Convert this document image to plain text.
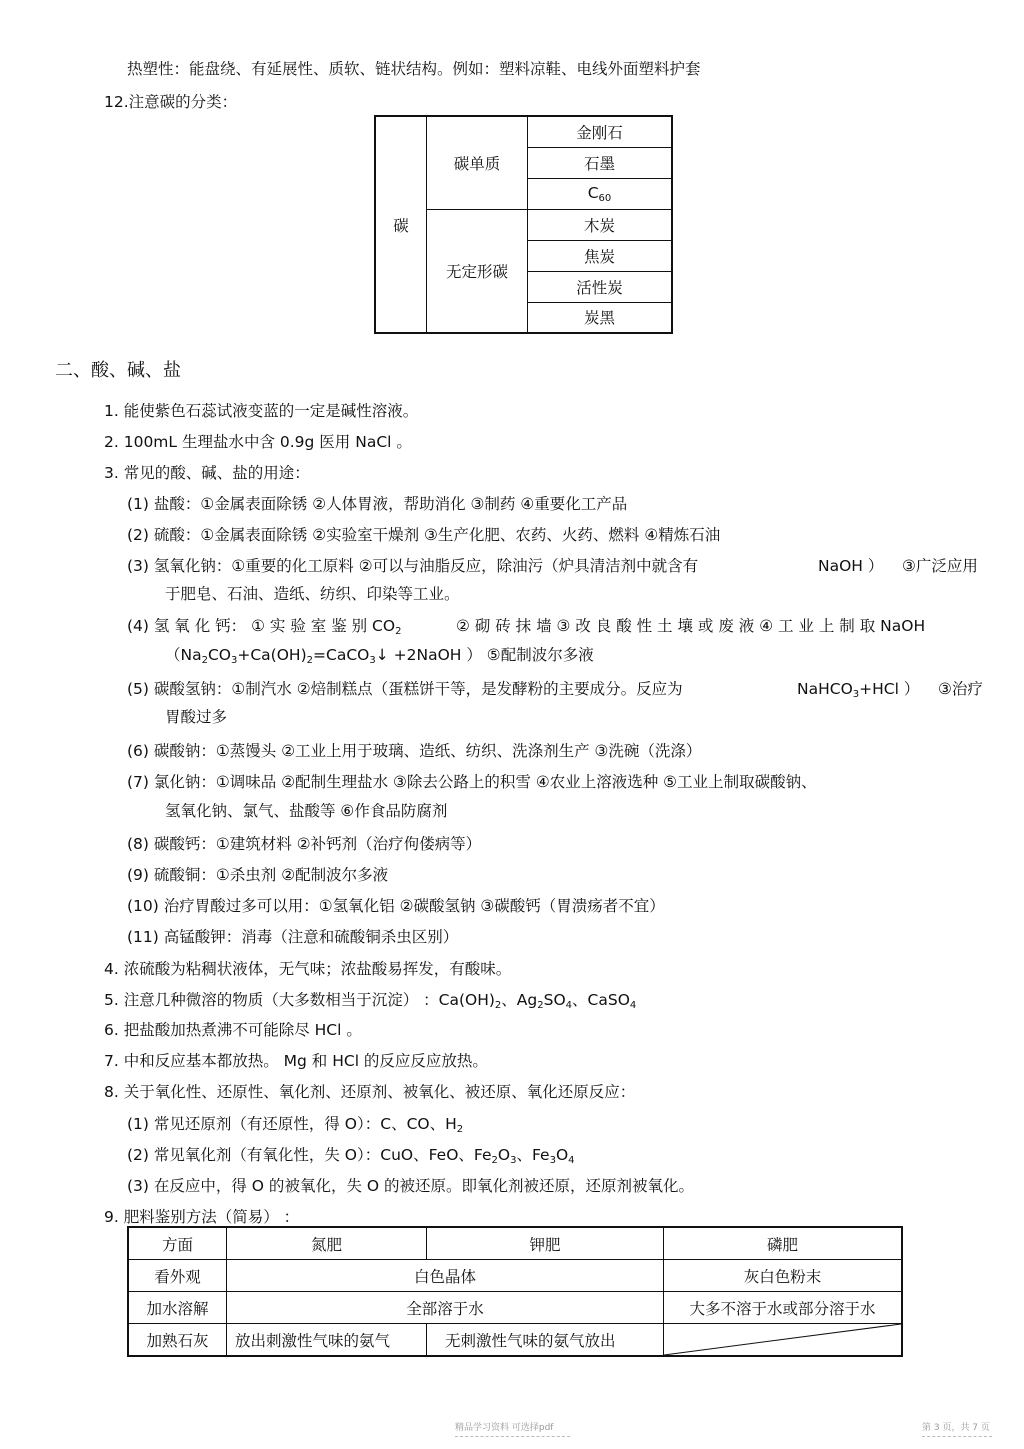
热塑性：能盘绕、有延展性、质软、链状结构。例如：塑料凉鞋、电线外面塑料护套
12.注意碳的分类：
碳	碳单质	金刚石
		石墨
		$C_{60}$
	无定形碳	木炭
		焦炭
		活性炭
		炭黑
二、酸、碱、盐
1. 能使紫色石蕊试液变蓝的一定是碱性溶液。
2. 100mL 生理盐水中含 0.9g 医用 NaCl 。
3. 常见的酸、碱、盐的用途：
(1) 盐酸：①金属表面除锈 ②人体胃液，帮助消化 ③制药 ④重要化工产品
(2) 硫酸：①金属表面除锈 ②实验室干燥剂 ③生产化肥、农药、火药、燃料 ④精炼石油
(3) 氢氧化钠：①重要的化工原料 ②可以与油脂反应，除油污（炉具清洁剂中就含有	NaOH ） ③广泛应用
于肥皂、石油、造纸、纺织、印染等工业。
(4) 氢 氧 化 钙： ① 实 验 室 鉴 别 $CO_2$	② 砌 砖 抹 墙 ③ 改 良 酸 性 土 壤 或 废 液 ④ 工 业 上 制 取 NaOH
（$Na_2CO_3+Ca(OH)_2=CaCO_3↓$ +2NaOH ） ⑤配制波尔多液
(5) 碳酸氢钠：①制汽水 ②焙制糕点（蛋糕饼干等，是发酵粉的主要成分。反应为	NaHCO$_3$+HCl ） ③治疗
胃酸过多
(6) 碳酸钠：①蒸馒头 ②工业上用于玻璃、造纸、纺织、洗涤剂生产 ③洗碗（洗涤）
(7) 氯化钠：①调味品 ②配制生理盐水 ③除去公路上的积雪 ④农业上溶液选种 ⑤工业上制取碳酸钠、
氢氧化钠、氯气、盐酸等 ⑥作食品防腐剂
(8) 碳酸钙：①建筑材料 ②补钙剂（治疗佝偻病等）
(9) 硫酸铜：①杀虫剂 ②配制波尔多液
(10) 治疗胃酸过多可以用：①氢氧化铝 ②碳酸氢钠 ③碳酸钙（胃溃疡者不宜）
(11) 高锰酸钾：消毒（注意和硫酸铜杀虫区别）
4. 浓硫酸为粘稠状液体，无气味；浓盐酸易挥发，有酸味。
5. 注意几种微溶的物质（大多数相当于沉淀） ：$Ca(OH)_2$、$Ag_2SO_4$、CaSO$_4$
6. 把盐酸加热煮沸不可能除尽 HCl 。
7. 中和反应基本都放热。 Mg 和 HCl 的反应反应放热。
8. 关于氧化性、还原性、氧化剂、还原剂、被氧化、被还原、氧化还原反应：
(1) 常见还原剂（有还原性，得 O）：C、CO、$H_2$
(2) 常见氧化剂（有氧化性，失 O）：CuO、FeO、$Fe_2O_3$、$Fe_3O_4$
(3) 在反应中，得 O 的被氧化，失 O 的被还原。即氧化剂被还原，还原剂被氧化。
9. 肥料鉴别方法（简易） ：
方面	氮肥	钾肥	磷肥
看外观	白色晶体		灰白色粉末
加水溶解	全部溶于水		大多不溶于水或部分溶于水
加熟石灰	放出刺激性气味的氨气	无刺激性气味的氨气放出	
精品学习资料 可选择pdf	第 3 页，共 7 页
